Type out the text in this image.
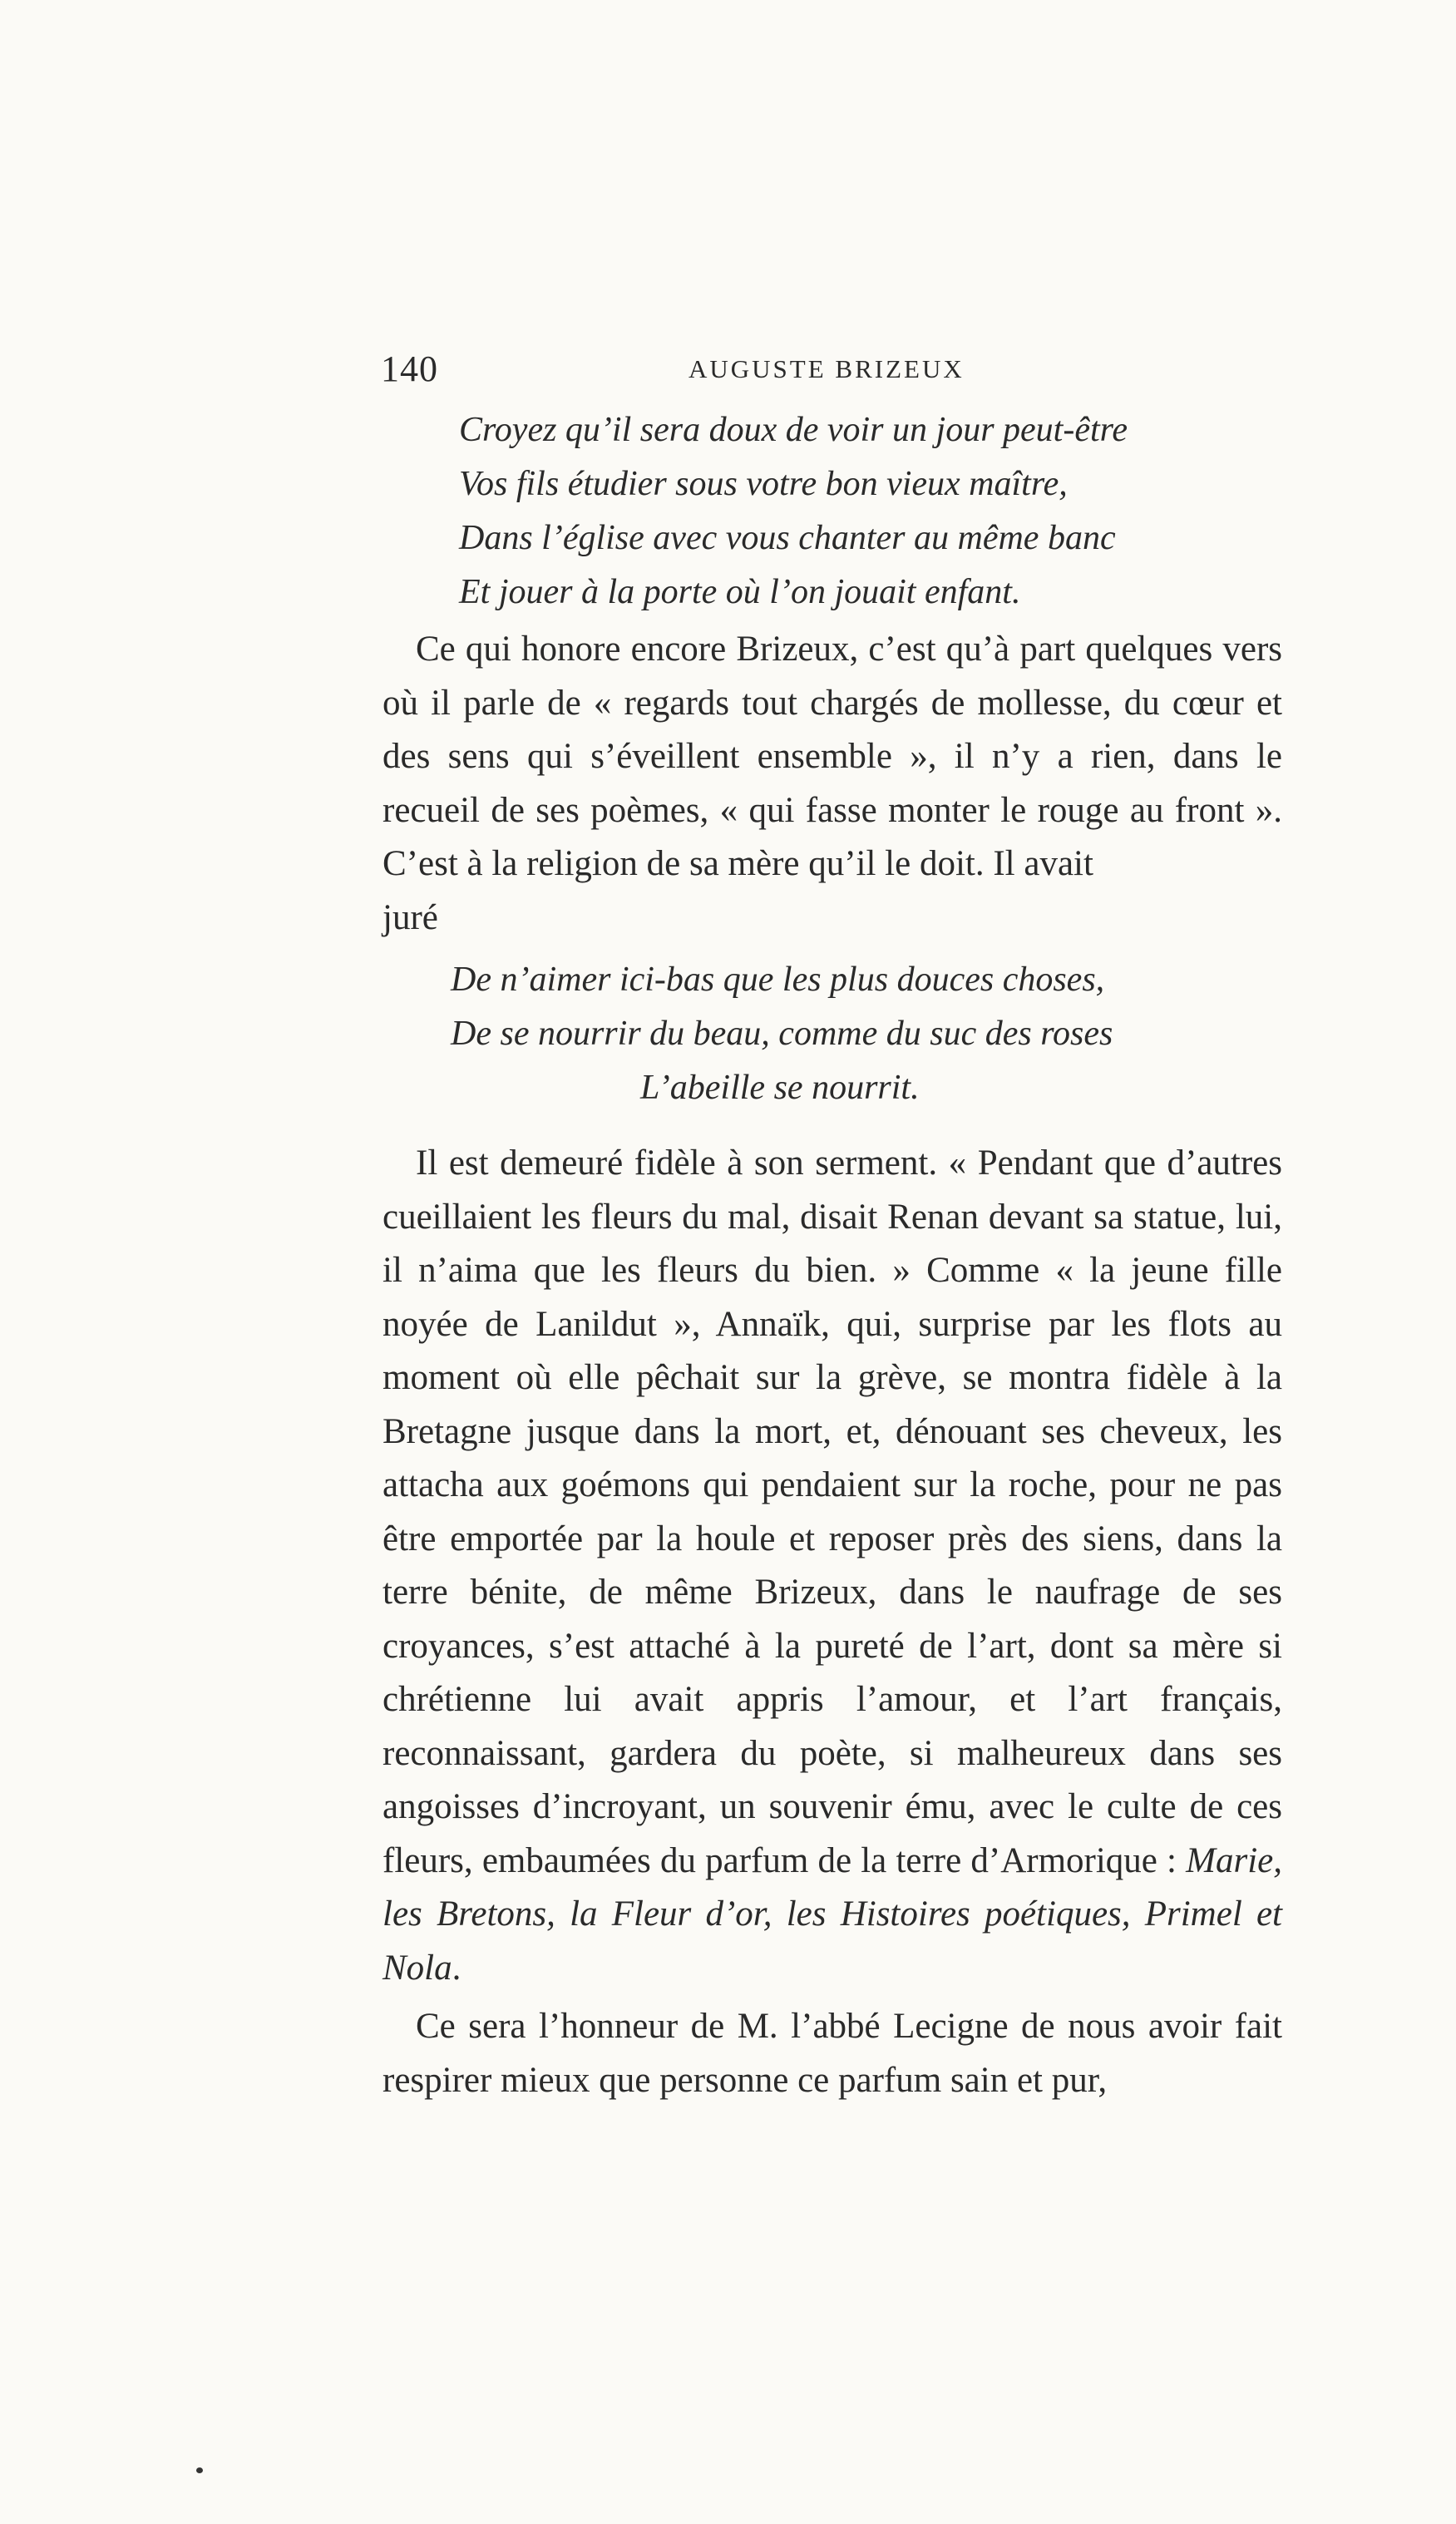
140	AUGUSTE BRIZEUX
Croyez qu’il sera doux de voir un jour peut-être
Vos fils étudier sous votre bon vieux maître,
Dans l’église avec vous chanter au même banc
Et jouer à la porte où l’on jouait enfant.

Ce qui honore encore Brizeux, c’est qu’à part quelques vers où il parle de « regards tout chargés de mollesse, du cœur et des sens qui s’éveillent ensemble », il n’y a rien, dans le recueil de ses poèmes, « qui fasse monter le rouge au front ». C’est à la religion de sa mère qu’il le doit. Il avait

juré

De n’aimer ici-bas que les plus douces choses,
De se nourrir du beau, comme du suc des roses
L’abeille se nourrit.

Il est demeuré fidèle à son serment. « Pendant que d’autres cueillaient les fleurs du mal, disait Renan devant sa statue, lui, il n’aima que les fleurs du bien. » Comme « la jeune fille noyée de Lanildut », Annaïk, qui, surprise par les flots au moment où elle pêchait sur la grève, se montra fidèle à la Bretagne jusque dans la mort, et, dénouant ses cheveux, les attacha aux goémons qui pendaient sur la roche, pour ne pas être emportée par la houle et reposer près des siens, dans la terre bénite, de même Brizeux, dans le naufrage de ses croyances, s’est attaché à la pureté de l’art, dont sa mère si chrétienne lui avait appris l’amour, et l’art français, reconnaissant, gardera du poète, si malheureux dans ses angoisses d’incroyant, un souvenir ému, avec le culte de ces fleurs, embaumées du parfum de la terre d’Armorique : Marie, les Bretons, la Fleur d’or, les Histoires poétiques, Primel et Nola.

Ce sera l’honneur de M. l’abbé Lecigne de nous avoir fait respirer mieux que personne ce parfum sain et pur,
